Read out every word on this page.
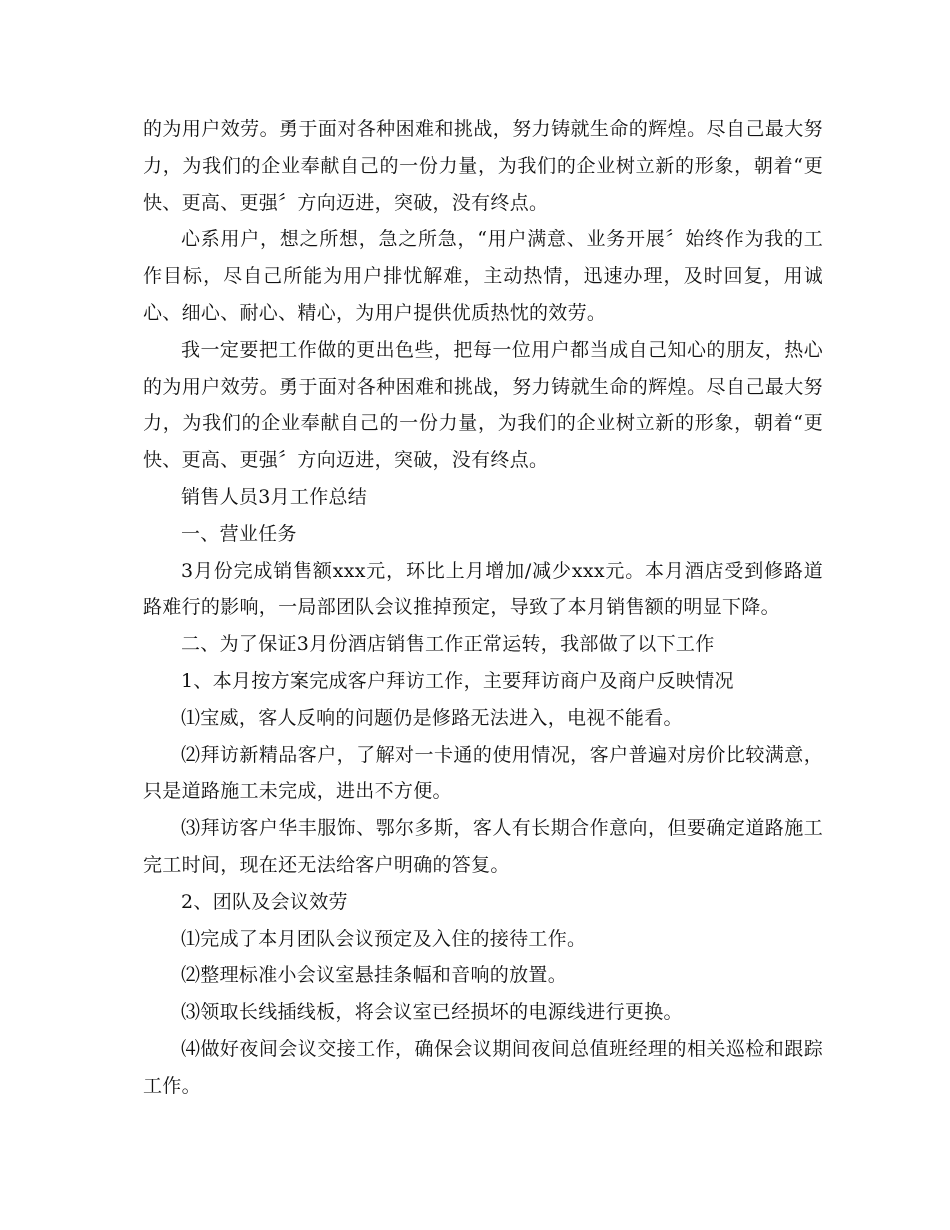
的为用户效劳。勇于面对各种困难和挑战，努力铸就生命的辉煌。尽自己最大努力，为我们的企业奉献自己的一份力量，为我们的企业树立新的形象，朝着“更快、更高、更强〞方向迈进，突破，没有终点。

心系用户，想之所想，急之所急，“用户满意、业务开展〞始终作为我的工作目标，尽自己所能为用户排忧解难，主动热情，迅速办理，及时回复，用诚心、细心、耐心、精心，为用户提供优质热忱的效劳。

我一定要把工作做的更出色些，把每一位用户都当成自己知心的朋友，热心的为用户效劳。勇于面对各种困难和挑战，努力铸就生命的辉煌。尽自己最大努力，为我们的企业奉献自己的一份力量，为我们的企业树立新的形象，朝着“更快、更高、更强〞方向迈进，突破，没有终点。

销售人员3月工作总结

一、营业任务

3月份完成销售额xxx元，环比上月增加/减少xxx元。本月酒店受到修路道路难行的影响，一局部团队会议推掉预定，导致了本月销售额的明显下降。

二、为了保证3月份酒店销售工作正常运转，我部做了以下工作

1、本月按方案完成客户拜访工作，主要拜访商户及商户反映情况

⑴宝威，客人反响的问题仍是修路无法进入，电视不能看。

⑵拜访新精品客户，了解对一卡通的使用情况，客户普遍对房价比较满意，只是道路施工未完成，进出不方便。

⑶拜访客户华丰服饰、鄂尔多斯，客人有长期合作意向，但要确定道路施工完工时间，现在还无法给客户明确的答复。

2、团队及会议效劳

⑴完成了本月团队会议预定及入住的接待工作。

⑵整理标准小会议室悬挂条幅和音响的放置。

⑶领取长线插线板，将会议室已经损坏的电源线进行更换。

⑷做好夜间会议交接工作，确保会议期间夜间总值班经理的相关巡检和跟踪工作。
